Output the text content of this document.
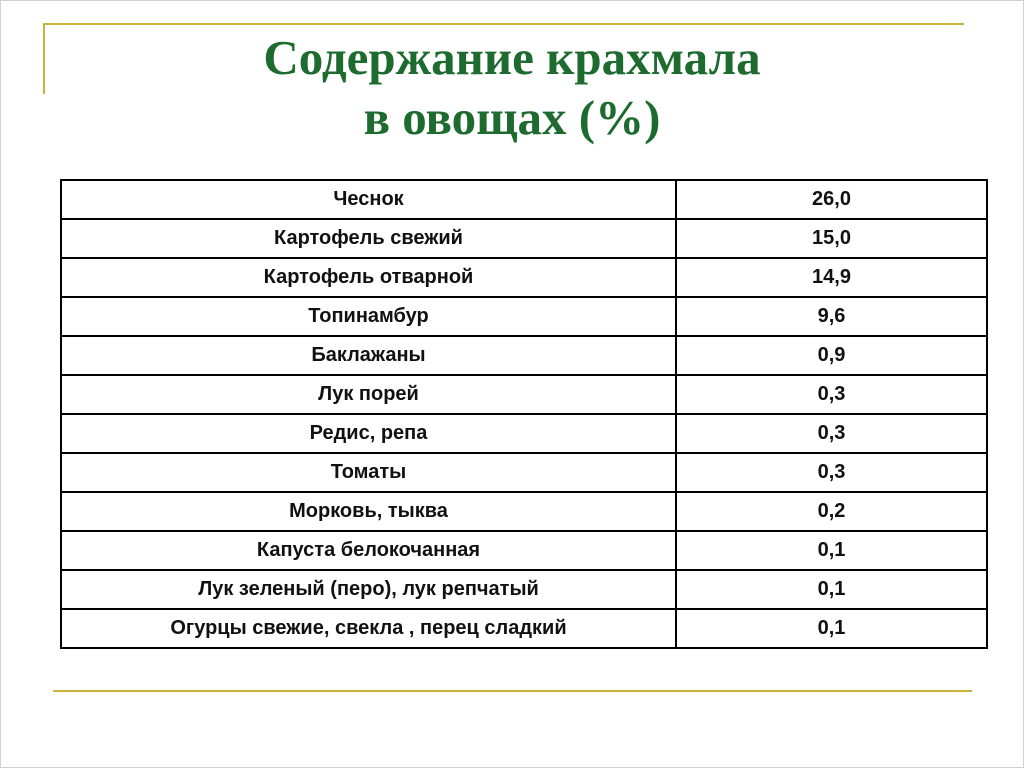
Содержание крахмала
в овощах (%)
Чеснок	26,0
Картофель свежий	15,0
Картофель отварной	14,9
Топинамбур	9,6
Баклажаны	0,9
Лук порей	0,3
Редис, репа	0,3
Томаты	0,3
Морковь, тыква	0,2
Капуста белокочанная	0,1
Лук зеленый (перо), лук репчатый	0,1
Огурцы свежие, свекла , перец сладкий	0,1
